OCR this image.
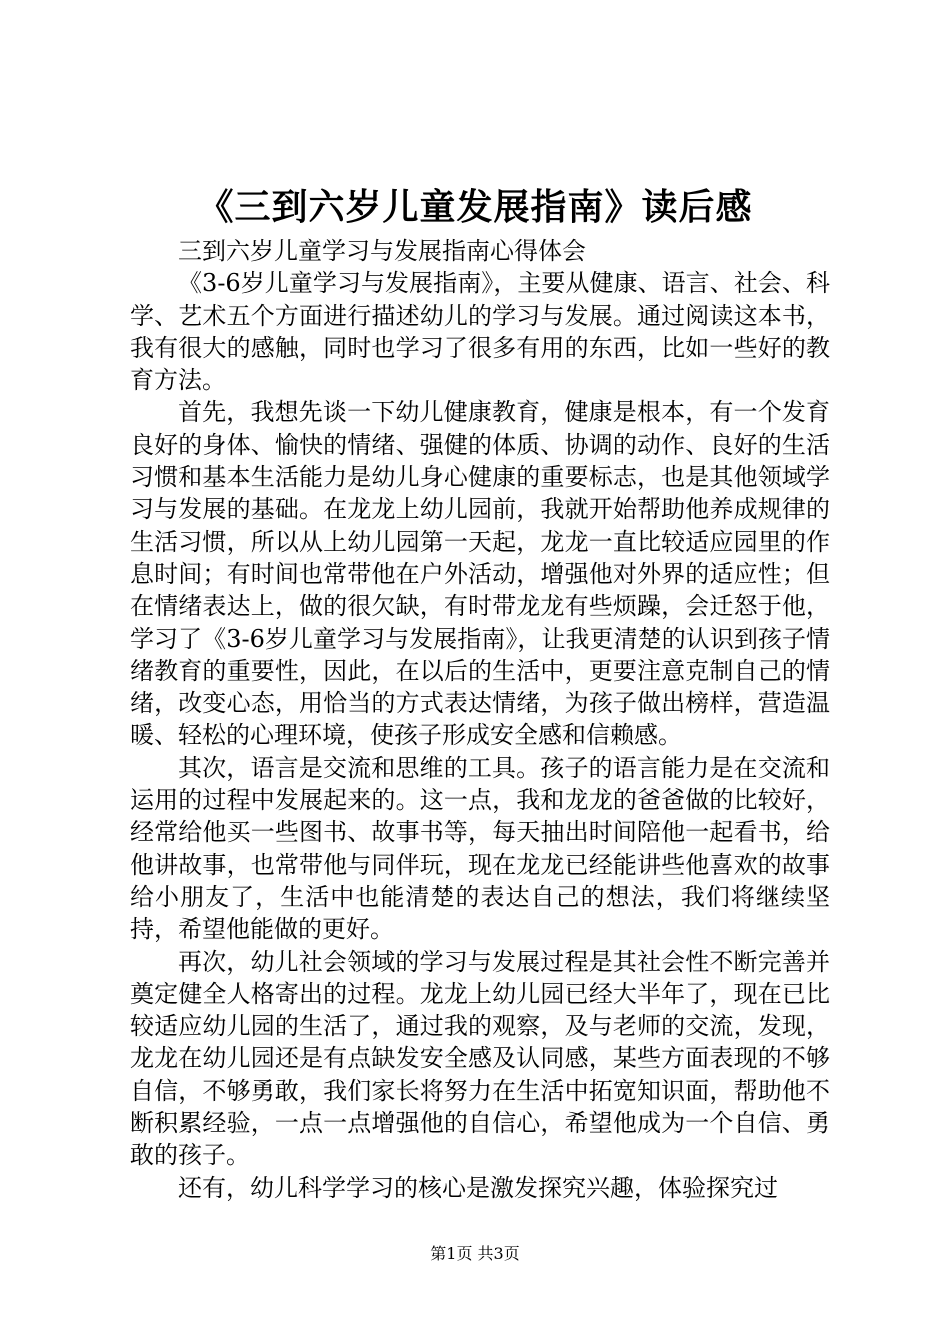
《三到六岁儿童发展指南》读后感

三到六岁儿童学习与发展指南心得体会

《3-6岁儿童学习与发展指南》，主要从健康、语言、社会、科学、艺术五个方面进行描述幼儿的学习与发展。通过阅读这本书，我有很大的感触，同时也学习了很多有用的东西，比如一些好的教育方法。

首先，我想先谈一下幼儿健康教育，健康是根本，有一个发育良好的身体、愉快的情绪、强健的体质、协调的动作、良好的生活习惯和基本生活能力是幼儿身心健康的重要标志，也是其他领域学习与发展的基础。在龙龙上幼儿园前，我就开始帮助他养成规律的生活习惯，所以从上幼儿园第一天起，龙龙一直比较适应园里的作息时间；有时间也常带他在户外活动，增强他对外界的适应性；但在情绪表达上，做的很欠缺，有时带龙龙有些烦躁，会迁怒于他，学习了《3-6岁儿童学习与发展指南》，让我更清楚的认识到孩子情绪教育的重要性，因此，在以后的生活中，更要注意克制自己的情绪，改变心态，用恰当的方式表达情绪，为孩子做出榜样，营造温暖、轻松的心理环境，使孩子形成安全感和信赖感。

其次，语言是交流和思维的工具。孩子的语言能力是在交流和运用的过程中发展起来的。这一点，我和龙龙的爸爸做的比较好，经常给他买一些图书、故事书等，每天抽出时间陪他一起看书，给他讲故事，也常带他与同伴玩，现在龙龙已经能讲些他喜欢的故事给小朋友了，生活中也能清楚的表达自己的想法，我们将继续坚持，希望他能做的更好。

再次，幼儿社会领域的学习与发展过程是其社会性不断完善并奠定健全人格寄出的过程。龙龙上幼儿园已经大半年了，现在已比较适应幼儿园的生活了，通过我的观察，及与老师的交流，发现，龙龙在幼儿园还是有点缺发安全感及认同感，某些方面表现的不够自信，不够勇敢，我们家长将努力在生活中拓宽知识面，帮助他不断积累经验，一点一点增强他的自信心，希望他成为一个自信、勇敢的孩子。

还有，幼儿科学学习的核心是激发探究兴趣，体验探究过

第1页 共3页
